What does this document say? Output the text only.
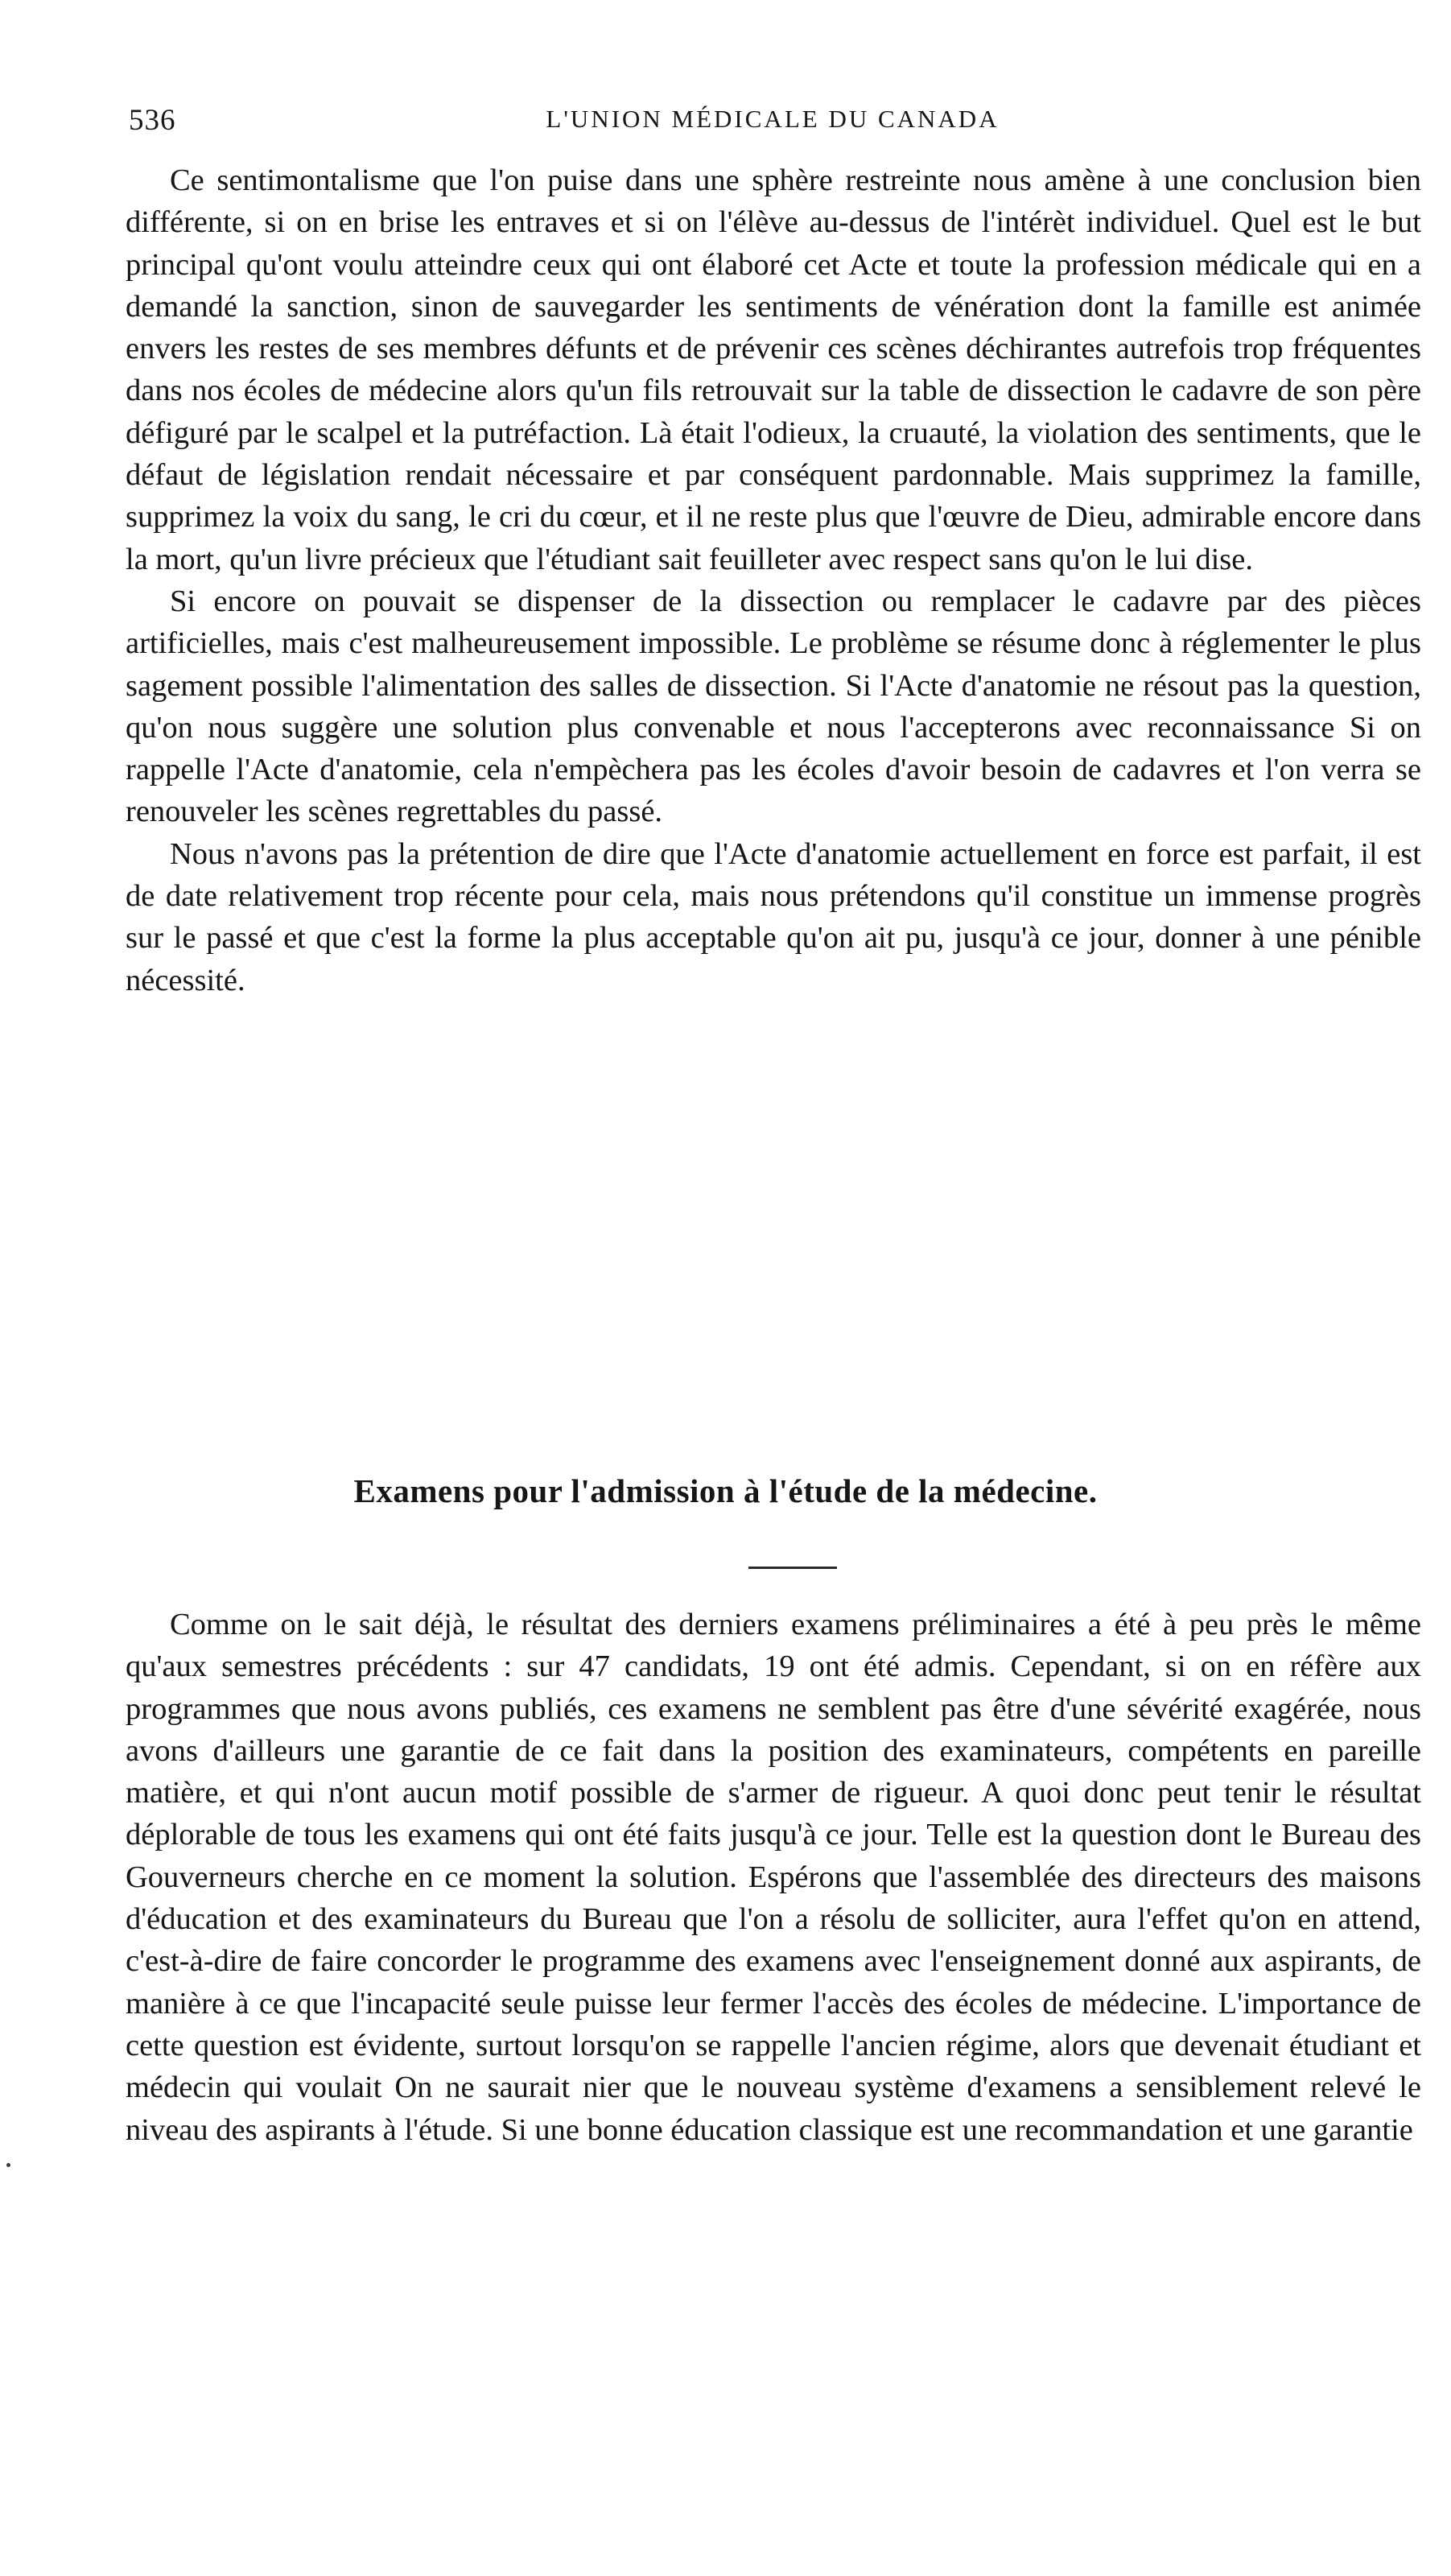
536	L'UNION MÉDICALE DU CANADA

Ce sentimontalisme que l'on puise dans une sphère restreinte nous amène à une conclusion bien différente, si on en brise les entraves et si on l'élève au-dessus de l'intérèt individuel. Quel est le but principal qu'ont voulu atteindre ceux qui ont élaboré cet Acte et toute la profession médicale qui en a demandé la sanction, sinon de sauvegarder les sentiments de vénération dont la famille est animée envers les restes de ses membres défunts et de prévenir ces scènes déchirantes autrefois trop fréquentes dans nos écoles de médecine alors qu'un fils retrouvait sur la table de dissection le cadavre de son père défiguré par le scalpel et la putréfaction. Là était l'odieux, la cruauté, la violation des sentiments, que le défaut de législation rendait nécessaire et par conséquent pardonnable. Mais supprimez la famille, supprimez la voix du sang, le cri du cœur, et il ne reste plus que l'œuvre de Dieu, admirable encore dans la mort, qu'un livre précieux que l'étudiant sait feuilleter avec respect sans qu'on le lui dise.

Si encore on pouvait se dispenser de la dissection ou remplacer le cadavre par des pièces artificielles, mais c'est malheureusement impossible. Le problème se résume donc à réglementer le plus sagement possible l'alimentation des salles de dissection. Si l'Acte d'anatomie ne résout pas la question, qu'on nous suggère une solution plus convenable et nous l'accepterons avec reconnaissance Si on rappelle l'Acte d'anatomie, cela n'empèchera pas les écoles d'avoir besoin de cadavres et l'on verra se renouveler les scènes regrettables du passé.

Nous n'avons pas la prétention de dire que l'Acte d'anatomie actuellement en force est parfait, il est de date relativement trop récente pour cela, mais nous prétendons qu'il constitue un immense progrès sur le passé et que c'est la forme la plus acceptable qu'on ait pu, jusqu'à ce jour, donner à une pénible nécessité.

Examens pour l'admission à l'étude de la médecine.

Comme on le sait déjà, le résultat des derniers examens préliminaires a été à peu près le même qu'aux semestres précédents : sur 47 candidats, 19 ont été admis. Cependant, si on en réfère aux programmes que nous avons publiés, ces examens ne semblent pas être d'une sévérité exagérée, nous avons d'ailleurs une garantie de ce fait dans la position des examinateurs, compétents en pareille matière, et qui n'ont aucun motif possible de s'armer de rigueur. A quoi donc peut tenir le résultat déplorable de tous les examens qui ont été faits jusqu'à ce jour. Telle est la question dont le Bureau des Gouverneurs cherche en ce moment la solution. Espérons que l'assemblée des directeurs des maisons d'éducation et des examinateurs du Bureau que l'on a résolu de solliciter, aura l'effet qu'on en attend, c'est-à-dire de faire concorder le programme des examens avec l'enseignement donné aux aspirants, de manière à ce que l'incapacité seule puisse leur fermer l'accès des écoles de médecine. L'importance de cette question est évidente, surtout lorsqu'on se rappelle l'ancien régime, alors que devenait étudiant et médecin qui voulait On ne saurait nier que le nouveau système d'examens a sensiblement relevé le niveau des aspirants à l'étude. Si une bonne éducation classique est une recommandation et une garantie
